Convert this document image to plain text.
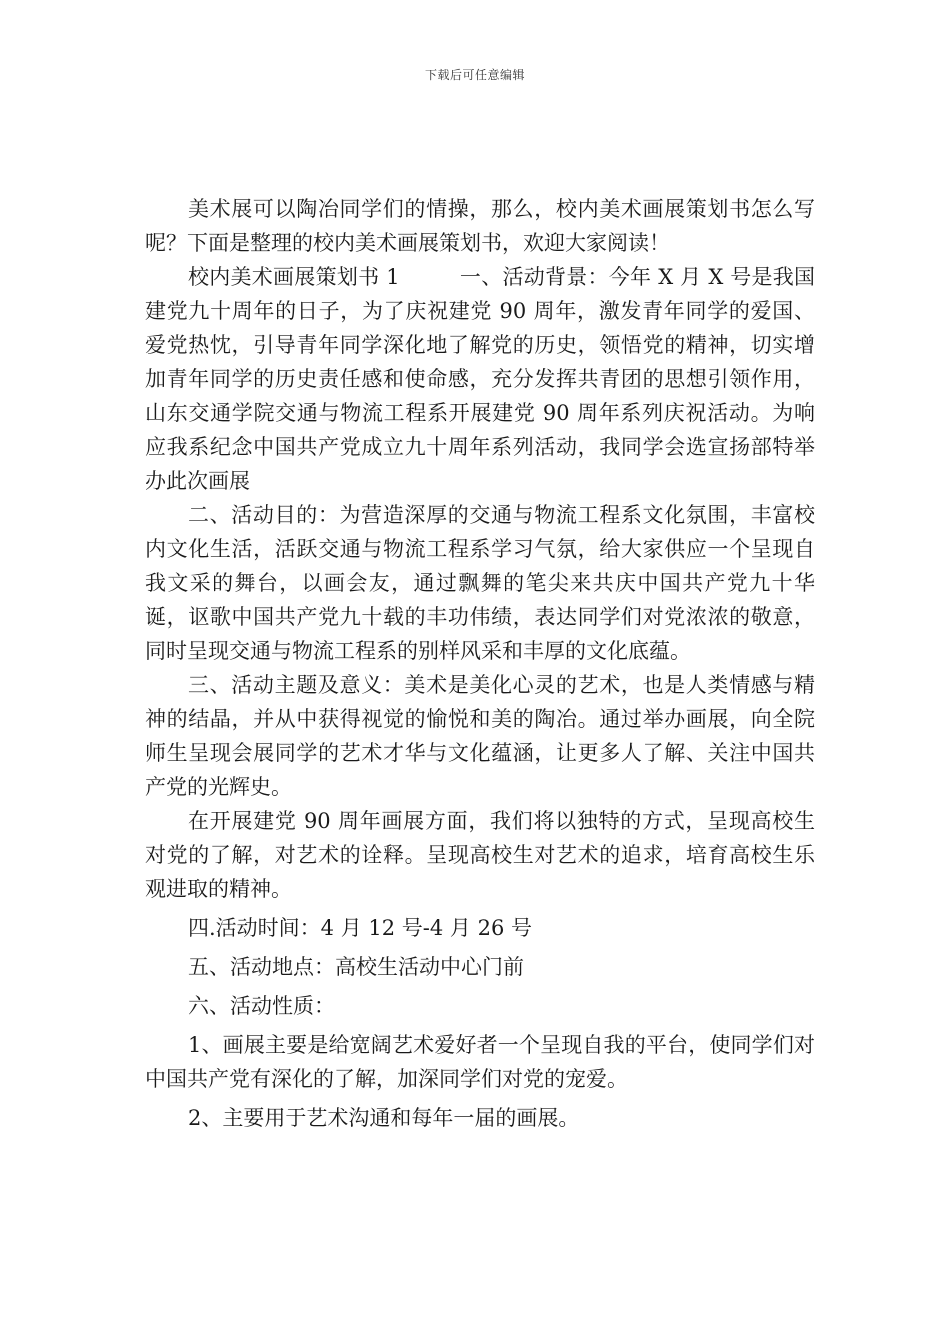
下载后可任意编辑

美术展可以陶冶同学们的情操，那么，校内美术画展策划书怎么写呢？下面是整理的校内美术画展策划书，欢迎大家阅读！

校内美术画展策划书 1	一、活动背景：今年 X 月 X 号是我国建党九十周年的日子，为了庆祝建党 90 周年，激发青年同学的爱国、爱党热忱，引导青年同学深化地了解党的历史，领悟党的精神，切实增加青年同学的历史责任感和使命感，充分发挥共青团的思想引领作用，山东交通学院交通与物流工程系开展建党 90 周年系列庆祝活动。为响应我系纪念中国共产党成立九十周年系列活动，我同学会选宣扬部特举办此次画展

二、活动目的：为营造深厚的交通与物流工程系文化氛围，丰富校内文化生活，活跃交通与物流工程系学习气氛，给大家供应一个呈现自我文采的舞台，以画会友，通过飘舞的笔尖来共庆中国共产党九十华诞，讴歌中国共产党九十载的丰功伟绩，表达同学们对党浓浓的敬意，同时呈现交通与物流工程系的别样风采和丰厚的文化底蕴。

三、活动主题及意义：美术是美化心灵的艺术，也是人类情感与精神的结晶，并从中获得视觉的愉悦和美的陶冶。通过举办画展，向全院师生呈现会展同学的艺术才华与文化蕴涵，让更多人了解、关注中国共产党的光辉史。

在开展建党 90 周年画展方面，我们将以独特的方式，呈现高校生对党的了解，对艺术的诠释。呈现高校生对艺术的追求，培育高校生乐观进取的精神。

四.活动时间：4 月 12 号-4 月 26 号

五、活动地点：高校生活动中心门前

六、活动性质：

1、画展主要是给宽阔艺术爱好者一个呈现自我的平台，使同学们对中国共产党有深化的了解，加深同学们对党的宠爱。

2、主要用于艺术沟通和每年一届的画展。
